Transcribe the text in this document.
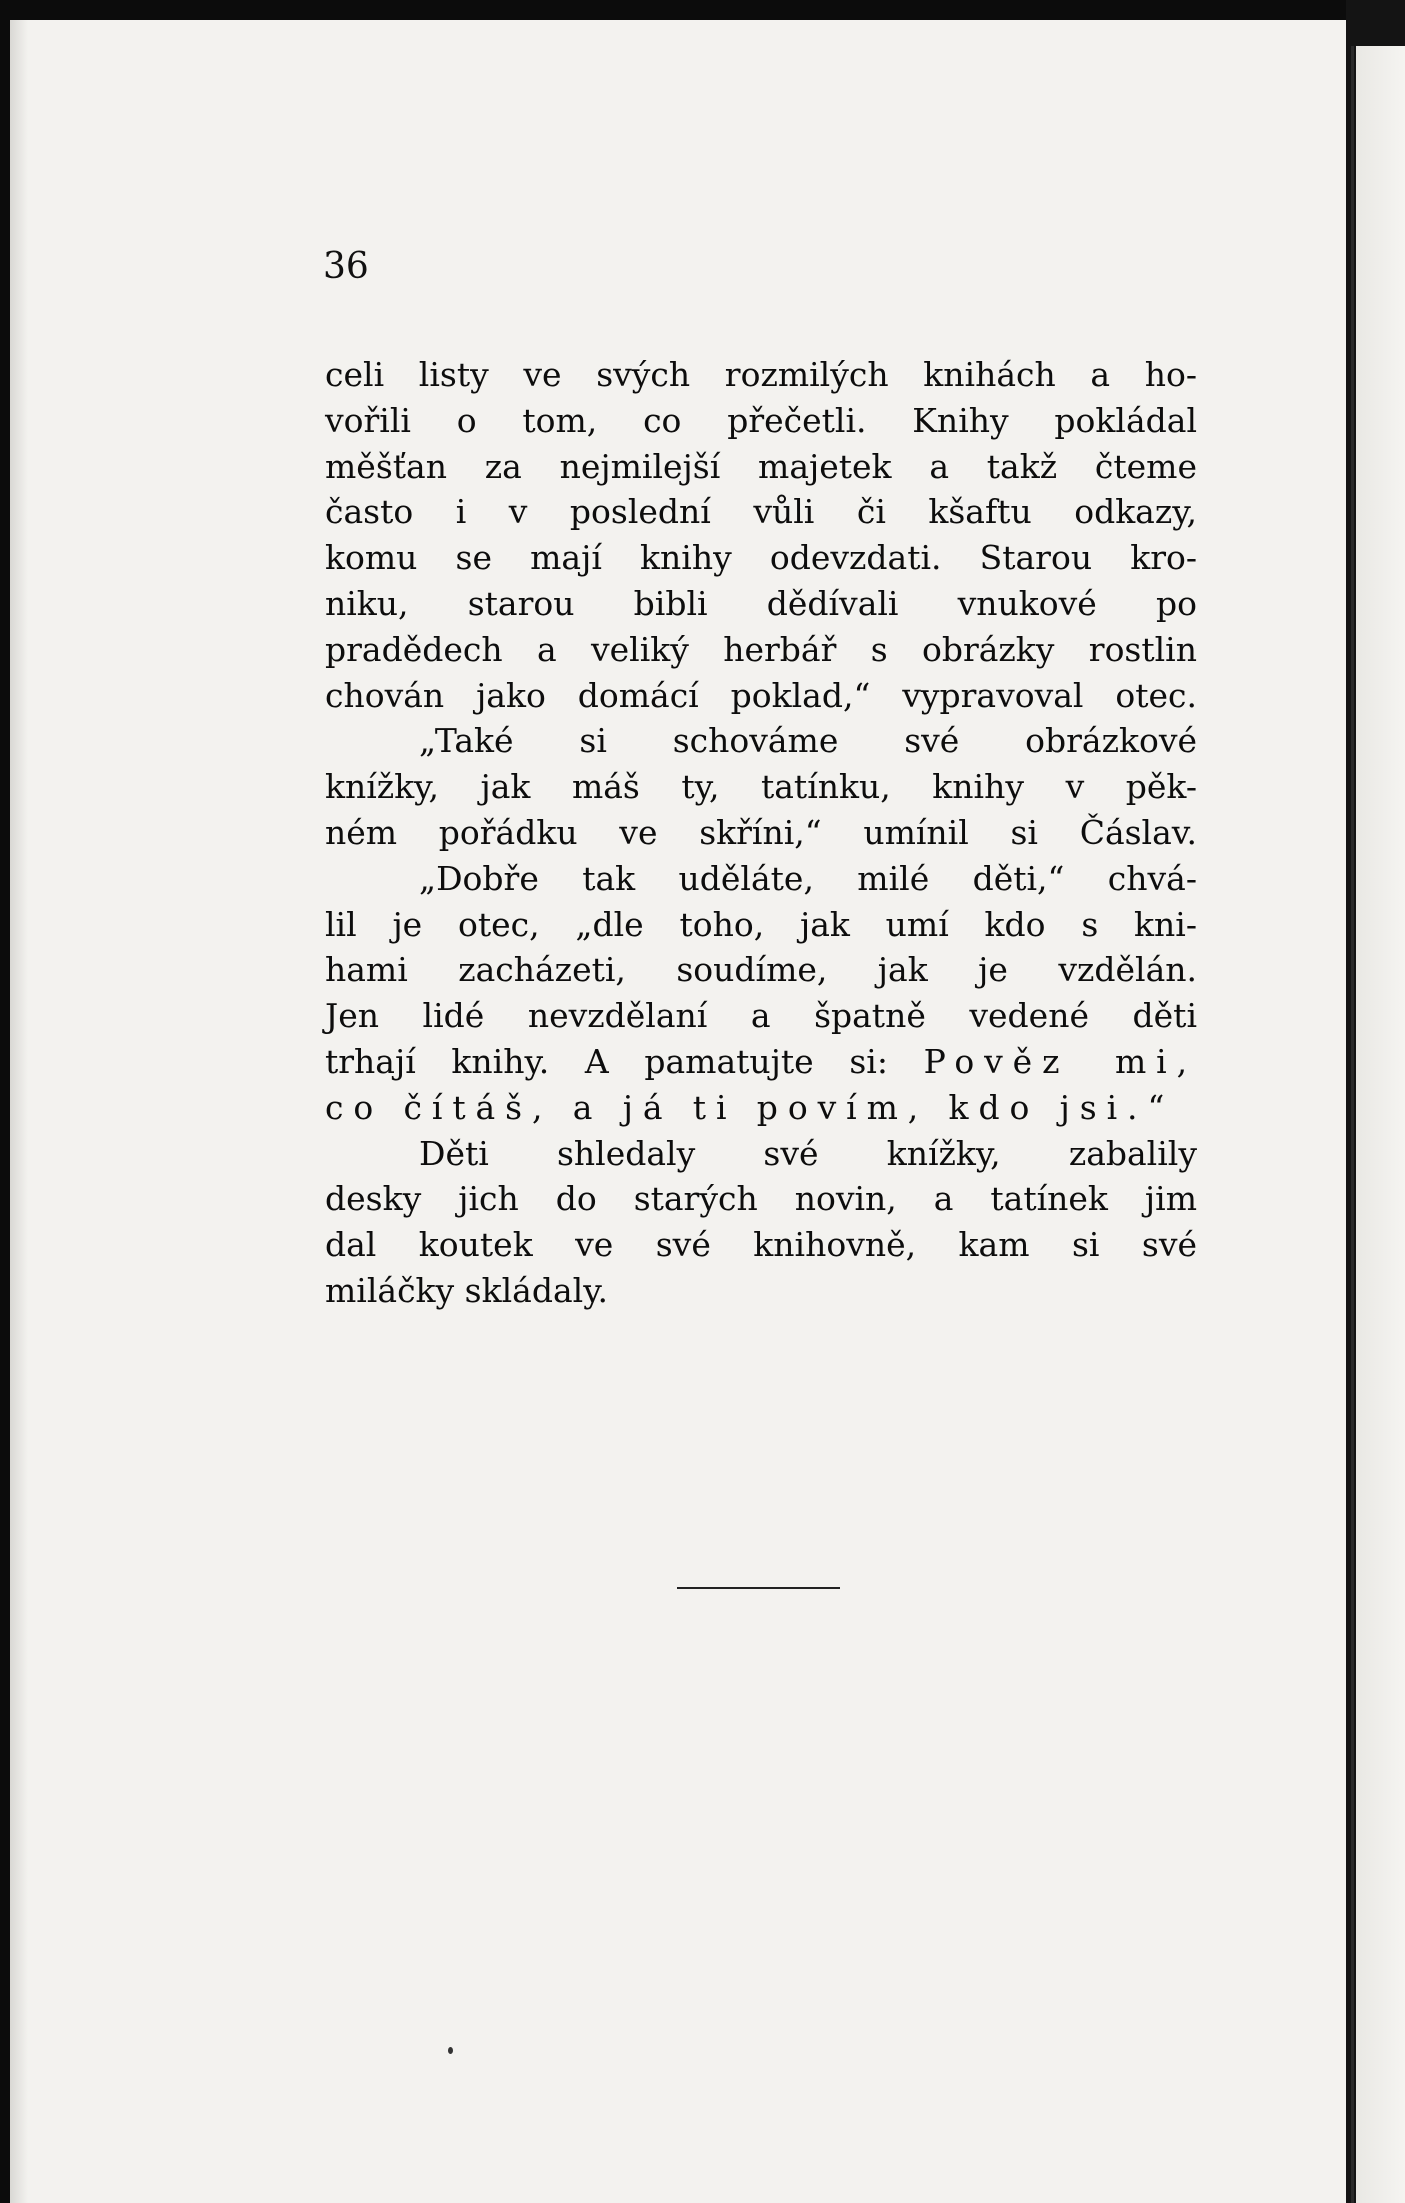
36
celi listy ve svých rozmilých knihách a ho-
vořili o tom, co přečetli. Knihy pokládal
měšťan za nejmilejší majetek a takž čteme
často i v poslední vůli či kšaftu odkazy,
komu se mají knihy odevzdati. Starou kro-
niku, starou bibli dědívali vnukové po
pradědech a veliký herbář s obrázky rostlin
chován jako domácí poklad,“ vypravoval otec.
„Také si schováme své obrázkové
knížky, jak máš ty, tatínku, knihy v pěk-
ném pořádku ve skříni,“ umínil si Čáslav.
„Dobře tak uděláte, milé děti,“ chvá-
lil je otec, „dle toho, jak umí kdo s kni-
hami zacházeti, soudíme, jak je vzdělán.
Jen lidé nevzdělaní a špatně vedené děti
trhají knihy. A pamatujte si: Pověz mi,
co čítáš, a já ti povím, kdo jsi.“
Děti shledaly své knížky, zabalily
desky jich do starých novin, a tatínek jim
dal koutek ve své knihovně, kam si své
miláčky skládaly.
